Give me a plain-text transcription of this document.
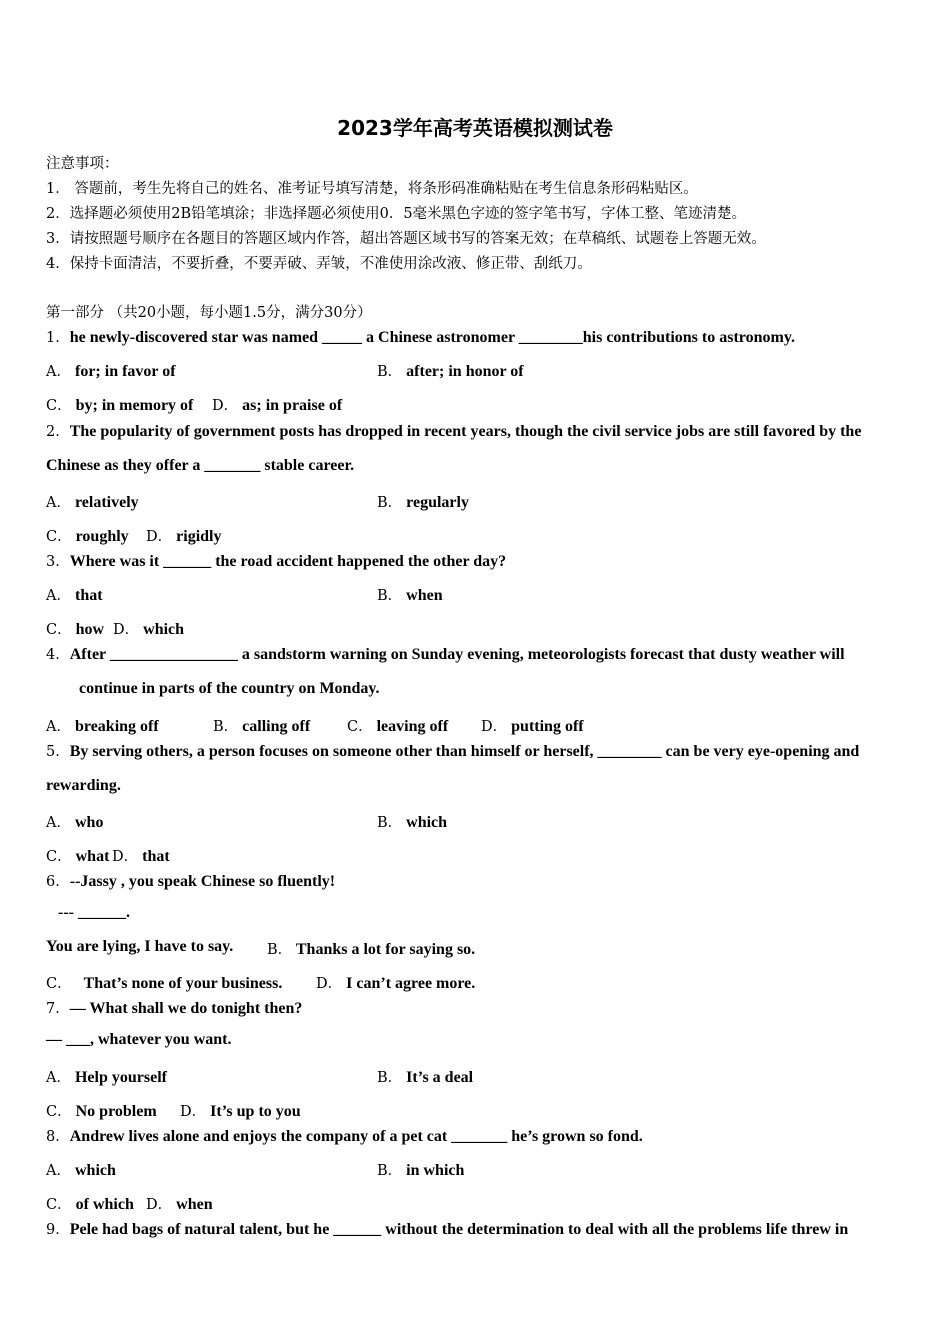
2023学年高考英语模拟测试卷
注意事项：
1． 答题前，考生先将自己的姓名、准考证号填写清楚，将条形码准确粘贴在考生信息条形码粘贴区。
2．选择题必须使用2B铅笔填涂；非选择题必须使用0．5毫米黑色字迹的签字笔书写，字体工整、笔迹清楚。
3．请按照题号顺序在各题目的答题区域内作答，超出答题区域书写的答案无效；在草稿纸、试题卷上答题无效。
4．保持卡面清洁，不要折叠，不要弄破、弄皱，不准使用涂改液、修正带、刮纸刀。
第一部分 （共20小题，每小题1.5分，满分30分）
1．he newly-discovered star was named _____ a Chinese astronomer ________his contributions to astronomy.
A． for; in favor of	B． after; in honor of
C． by; in memory of D． as; in praise of
2．The popularity of government posts has dropped in recent years, though the civil service jobs are still favored by the
Chinese as they offer a _______ stable career.
A． relatively	B． regularly
C． roughly D． rigidly
3．Where was it ______ the road accident happened the other day?
A． that	B． when
C． how D． which
4．After ________________ a sandstorm warning on Sunday evening, meteorologists forecast that dusty weather will
continue in parts of the country on Monday.
A． breaking off	B． calling off	C． leaving off D． putting off
5．By serving others, a person focuses on someone other than himself or herself, ________ can be very eye-opening and
rewarding.
A． who	B． which
C． what D． that
6．--Jassy , you speak Chinese so fluently!
--- ______.
You are lying, I have to say. B． Thanks a lot for saying so.
C． That’s none of your business. D． I can’t agree more.
7．— What shall we do tonight then?
— ___, whatever you want.
A． Help yourself	B． It’s a deal
C． No problem D． It’s up to you
8．Andrew lives alone and enjoys the company of a pet cat _______ he’s grown so fond.
A． which	B． in which
C． of which D． when
9．Pele had bags of natural talent, but he ______ without the determination to deal with all the problems life threw in
